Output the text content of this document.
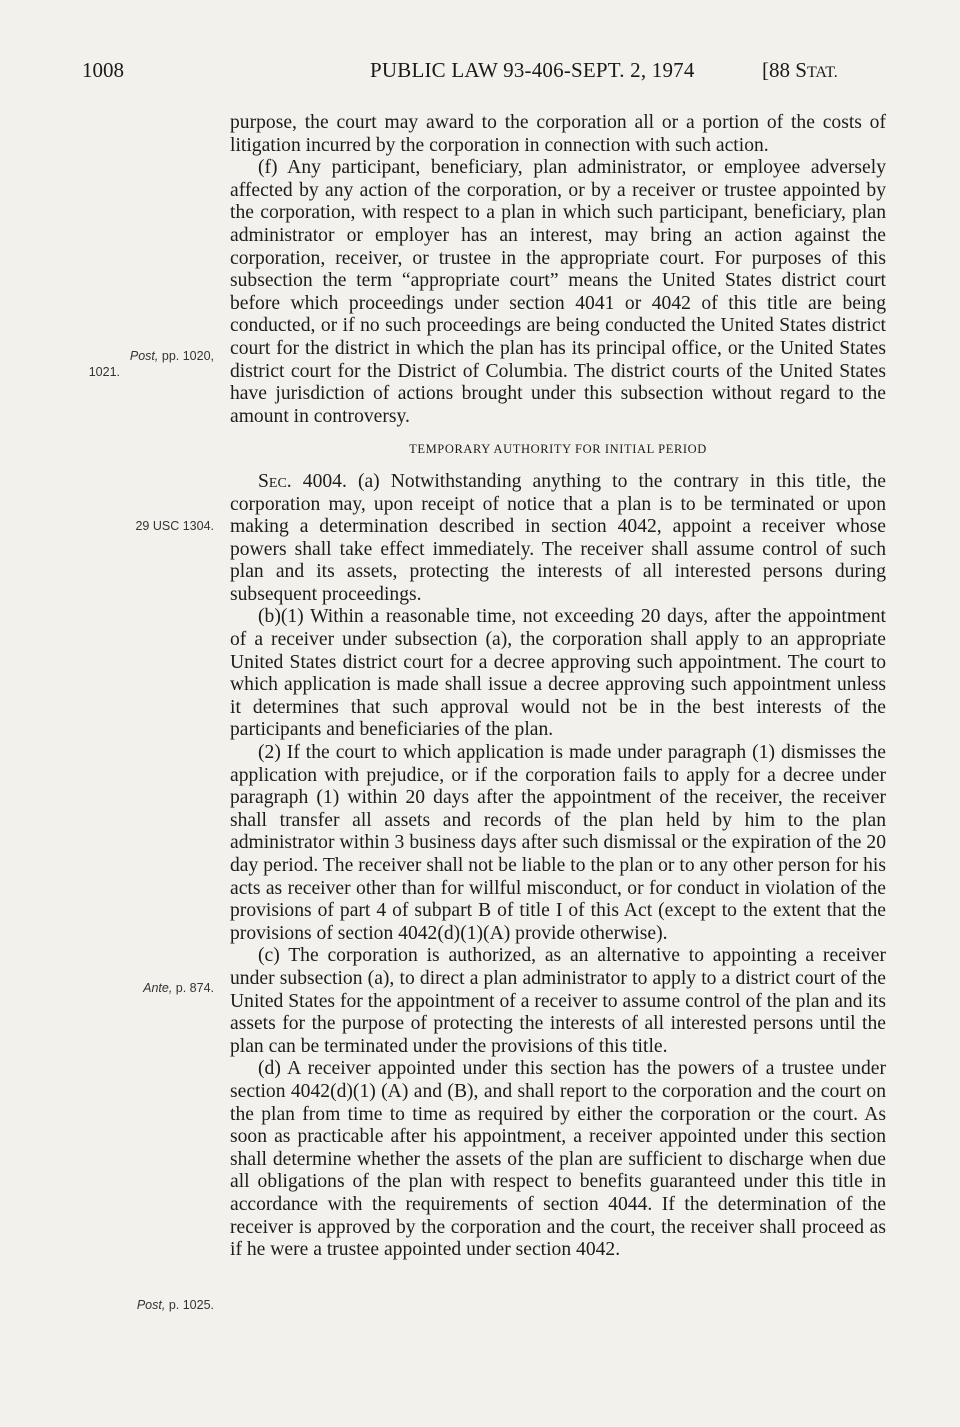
1008	PUBLIC LAW 93-406-SEPT. 2, 1974	[88 STAT.
Post, pp. 1020,
1021.
29 USC 1304.
Ante, p. 874.
Post, p. 1025.

purpose, the court may award to the corporation all or a portion of the costs of litigation incurred by the corporation in connection with such action.

(f) Any participant, beneficiary, plan administrator, or employee adversely affected by any action of the corporation, or by a receiver or trustee appointed by the corporation, with respect to a plan in which such participant, beneficiary, plan administrator or employer has an interest, may bring an action against the corporation, receiver, or trustee in the appropriate court. For purposes of this subsection the term “appropriate court” means the United States district court before which proceedings under section 4041 or 4042 of this title are being conducted, or if no such proceedings are being conducted the United States district court for the district in which the plan has its principal office, or the United States district court for the District of Columbia. The district courts of the United States have jurisdiction of actions brought under this subsection without regard to the amount in controversy.

TEMPORARY AUTHORITY FOR INITIAL PERIOD

Sec. 4004. (a) Notwithstanding anything to the contrary in this title, the corporation may, upon receipt of notice that a plan is to be terminated or upon making a determination described in section 4042, appoint a receiver whose powers shall take effect immediately. The receiver shall assume control of such plan and its assets, protecting the interests of all interested persons during subsequent proceedings.

(b)(1) Within a reasonable time, not exceeding 20 days, after the appointment of a receiver under subsection (a), the corporation shall apply to an appropriate United States district court for a decree approving such appointment. The court to which application is made shall issue a decree approving such appointment unless it determines that such approval would not be in the best interests of the participants and beneficiaries of the plan.

(2) If the court to which application is made under paragraph (1) dismisses the application with prejudice, or if the corporation fails to apply for a decree under paragraph (1) within 20 days after the appointment of the receiver, the receiver shall transfer all assets and records of the plan held by him to the plan administrator within 3 business days after such dismissal or the expiration of the 20 day period. The receiver shall not be liable to the plan or to any other person for his acts as receiver other than for willful misconduct, or for conduct in violation of the provisions of part 4 of subpart B of title I of this Act (except to the extent that the provisions of section 4042(d)(1)(A) provide otherwise).

(c) The corporation is authorized, as an alternative to appointing a receiver under subsection (a), to direct a plan administrator to apply to a district court of the United States for the appointment of a receiver to assume control of the plan and its assets for the purpose of protecting the interests of all interested persons until the plan can be terminated under the provisions of this title.

(d) A receiver appointed under this section has the powers of a trustee under section 4042(d)(1) (A) and (B), and shall report to the corporation and the court on the plan from time to time as required by either the corporation or the court. As soon as practicable after his appointment, a receiver appointed under this section shall determine whether the assets of the plan are sufficient to discharge when due all obligations of the plan with respect to benefits guaranteed under this title in accordance with the requirements of section 4044. If the determination of the receiver is approved by the corporation and the court, the receiver shall proceed as if he were a trustee appointed under section 4042.
